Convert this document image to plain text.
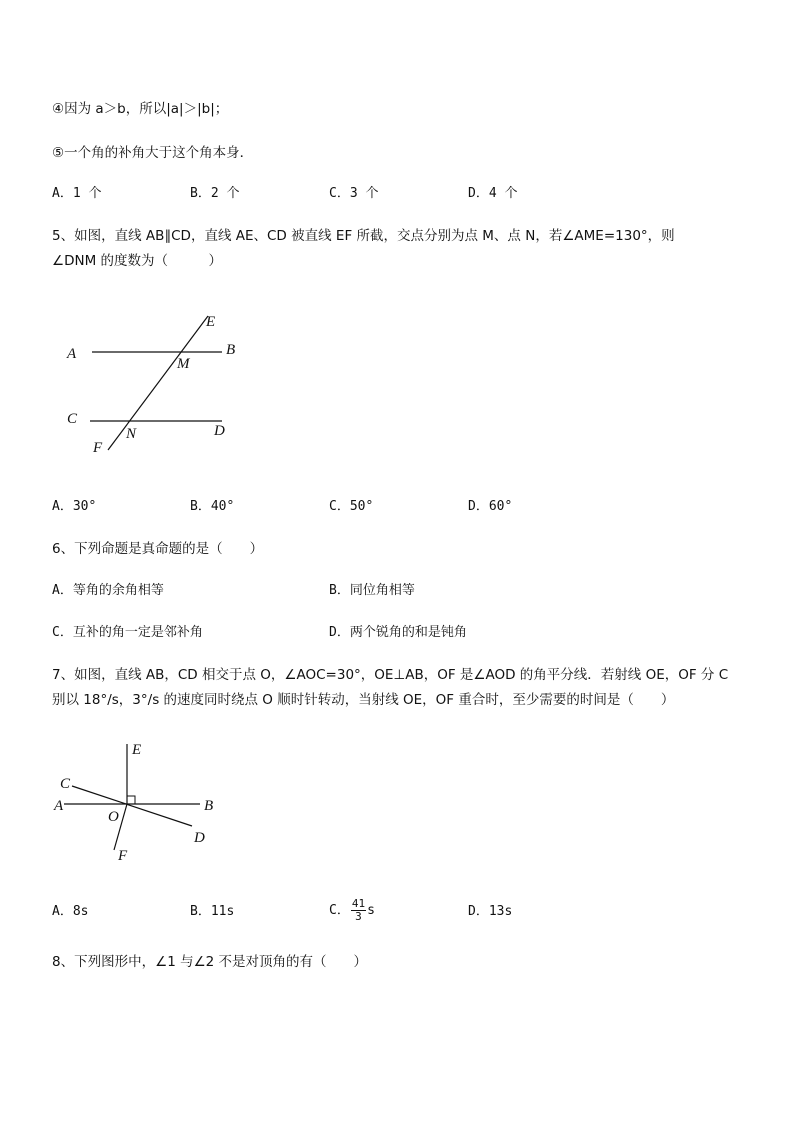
④因为 a＞b，所以|a|＞|b|；
⑤一个角的补角大于这个角本身．
A．1 个	B．2 个	C．3 个	D．4 个
5、如图，直线 AB∥CD，直线 AE、CD 被直线 EF 所截，交点分别为点 M、点 N，若∠AME=130°，则
∠DNM 的度数为（　　　）
E
A	B
M
C
D
N
F
A．30°	B．40°	C．50°	D．60°
6、下列命题是真命题的是（　　）
A．等角的余角相等	B．同位角相等
C．互补的角一定是邻补角	D．两个锐角的和是钝角
7、如图，直线 AB，CD 相交于点 O，∠AOC=30°，OE⊥AB，OF 是∠AOD 的角平分线．若射线 OE，OF 分 C
别以 18°/s，3°/s 的速度同时绕点 O 顺时针转动，当射线 OE，OF 重合时，至少需要的时间是（　　）
E
C
A
O
B
D
F
A．8s	B．11s	C． $\frac{41}{3}$ s	D．13s
8、下列图形中，∠1 与∠2 不是对顶角的有（　　）
